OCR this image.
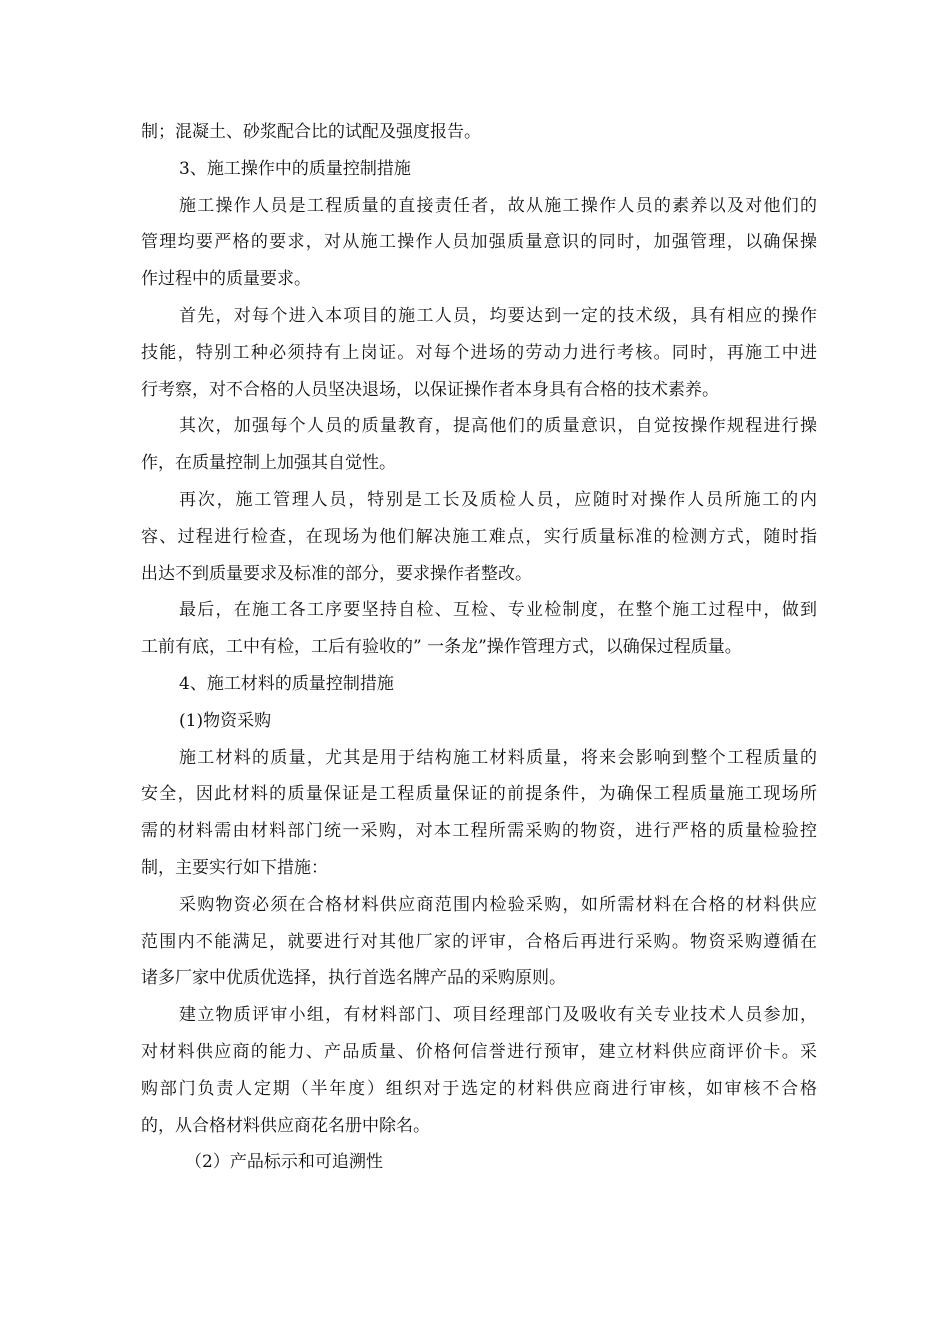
制；混凝土、砂浆配合比的试配及强度报告。
3、施工操作中的质量控制措施
施工操作人员是工程质量的直接责任者，故从施工操作人员的素养以及对他们的
管理均要严格的要求，对从施工操作人员加强质量意识的同时，加强管理，以确保操
作过程中的质量要求。
首先，对每个进入本项目的施工人员，均要达到一定的技术级，具有相应的操作
技能，特别工种必须持有上岗证。对每个进场的劳动力进行考核。同时，再施工中进
行考察，对不合格的人员坚决退场，以保证操作者本身具有合格的技术素养。
其次，加强每个人员的质量教育，提高他们的质量意识，自觉按操作规程进行操
作，在质量控制上加强其自觉性。
再次，施工管理人员，特别是工长及质检人员，应随时对操作人员所施工的内
容、过程进行检查，在现场为他们解决施工难点，实行质量标准的检测方式，随时指
出达不到质量要求及标准的部分，要求操作者整改。
最后，在施工各工序要坚持自检、互检、专业检制度，在整个施工过程中，做到
工前有底，工中有检，工后有验收的” 一条龙”操作管理方式，以确保过程质量。
4、施工材料的质量控制措施
(1)物资采购
施工材料的质量，尤其是用于结构施工材料质量，将来会影响到整个工程质量的
安全，因此材料的质量保证是工程质量保证的前提条件，为确保工程质量施工现场所
需的材料需由材料部门统一采购，对本工程所需采购的物资，进行严格的质量检验控
制，主要实行如下措施：
采购物资必须在合格材料供应商范围内检验采购，如所需材料在合格的材料供应
范围内不能满足，就要进行对其他厂家的评审，合格后再进行采购。物资采购遵循在
诸多厂家中优质优选择，执行首选名牌产品的采购原则。
建立物质评审小组，有材料部门、项目经理部门及吸收有关专业技术人员参加，
对材料供应商的能力、产品质量、价格何信誉进行预审，建立材料供应商评价卡。采
购部门负责人定期（半年度）组织对于选定的材料供应商进行审核，如审核不合格
的，从合格材料供应商花名册中除名。
（2）产品标示和可追溯性
